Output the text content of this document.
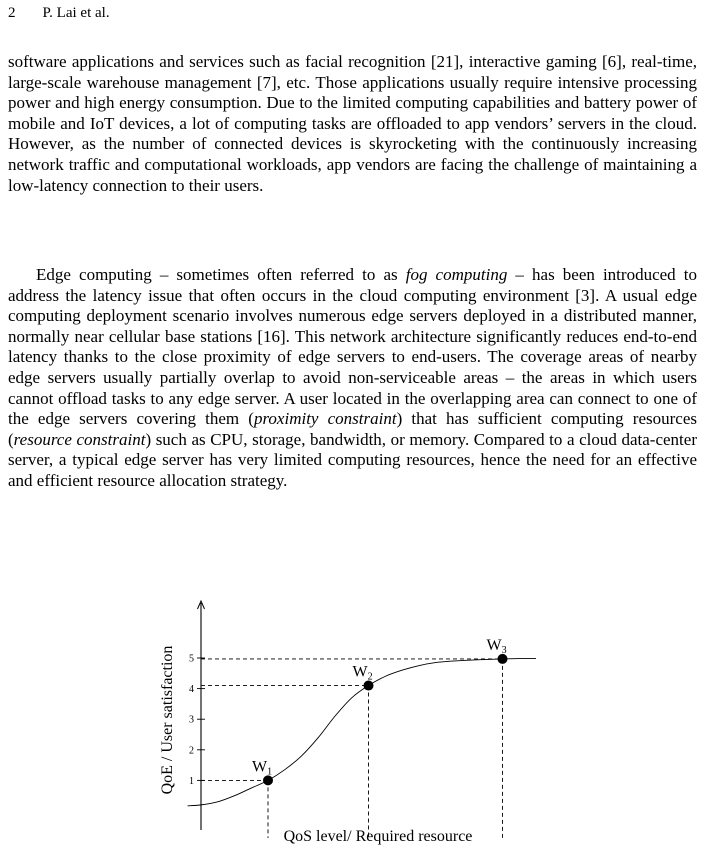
2 P. Lai et al.

software applications and services such as facial recognition [21], interactive gaming [6], real-time, large-scale warehouse management [7], etc. Those applications usually require intensive processing power and high energy consumption. Due to the limited computing capabilities and battery power of mobile and IoT devices, a lot of computing tasks are offloaded to app vendors’ servers in the cloud. However, as the number of connected devices is skyrocketing with the continuously increasing network traffic and computational workloads, app vendors are facing the challenge of maintaining a low-latency connection to their users.

Edge computing – sometimes often referred to as fog computing – has been introduced to address the latency issue that often occurs in the cloud computing environment [3]. A usual edge computing deployment scenario involves numerous edge servers deployed in a distributed manner, normally near cellular base stations [16]. This network architecture significantly reduces end-to-end latency thanks to the close proximity of edge servers to end-users. The coverage areas of nearby edge servers usually partially overlap to avoid non-serviceable areas – the areas in which users cannot offload tasks to any edge server. A user located in the overlapping area can connect to one of the edge servers covering them (proximity constraint) that has sufficient computing resources (resource constraint) such as CPU, storage, bandwidth, or memory. Compared to a cloud data-center server, a typical edge server has very limited computing resources, hence the need for an effective and efficient resource allocation strategy.

1
2
3
4
5
W1
W2
W3
QoS level/ Required resource
QoE / User satisfaction
